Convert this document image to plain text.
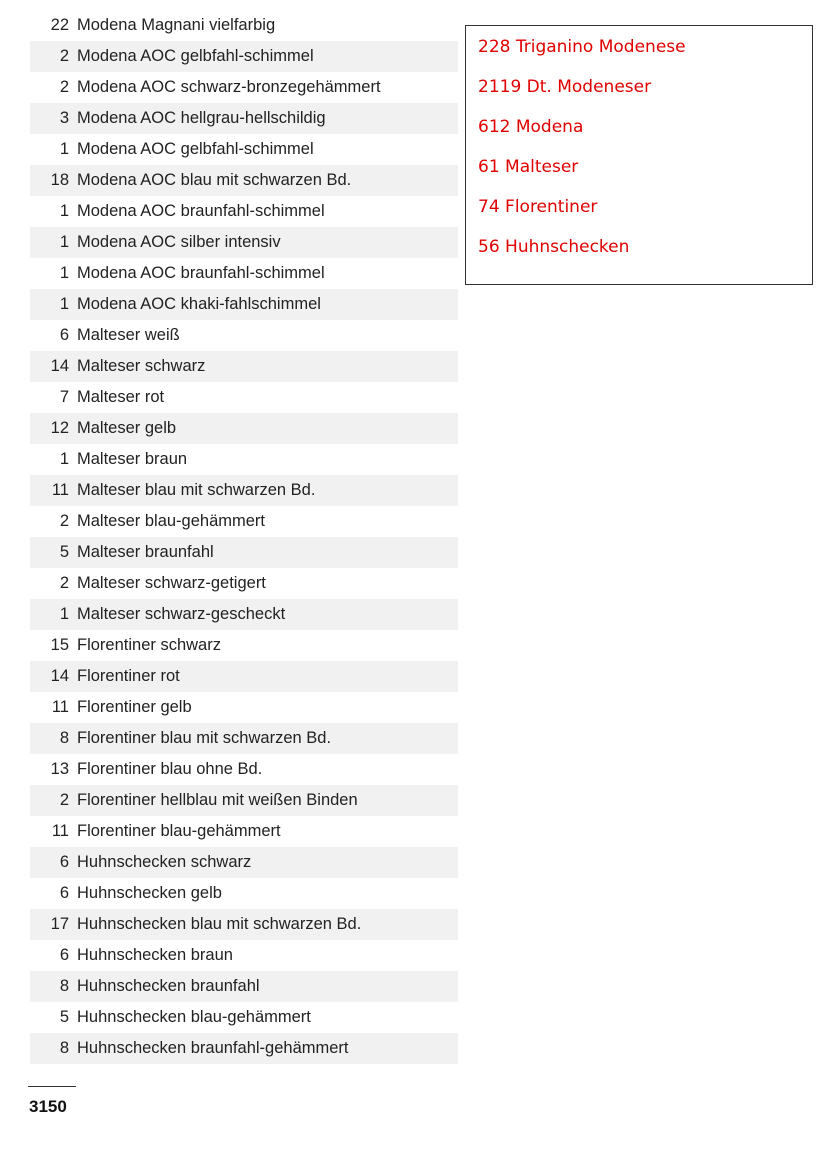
22 Modena Magnani vielfarbig
2 Modena AOC gelbfahl-schimmel
2 Modena AOC schwarz-bronzegehämmert
3 Modena AOC hellgrau-hellschildig
1 Modena AOC gelbfahl-schimmel
18 Modena AOC blau mit schwarzen Bd.
1 Modena AOC braunfahl-schimmel
1 Modena AOC silber intensiv
1 Modena AOC braunfahl-schimmel
1 Modena AOC khaki-fahlschimmel
6 Malteser weiß
14 Malteser schwarz
7 Malteser rot
12 Malteser gelb
1 Malteser braun
11 Malteser blau mit schwarzen Bd.
2 Malteser blau-gehämmert
5 Malteser braunfahl
2 Malteser schwarz-getigert
1 Malteser schwarz-gescheckt
15 Florentiner schwarz
14 Florentiner rot
11 Florentiner gelb
8 Florentiner blau mit schwarzen Bd.
13 Florentiner blau ohne Bd.
2 Florentiner hellblau mit weißen Binden
11 Florentiner blau-gehämmert
6 Huhnschecken schwarz
6 Huhnschecken gelb
17 Huhnschecken blau mit schwarzen Bd.
6 Huhnschecken braun
8 Huhnschecken braunfahl
5 Huhnschecken blau-gehämmert
8 Huhnschecken braunfahl-gehämmert
3150
228 Triganino Modenese
2119 Dt. Modeneser
612 Modena
61 Malteser
74 Florentiner
56 Huhnschecken
